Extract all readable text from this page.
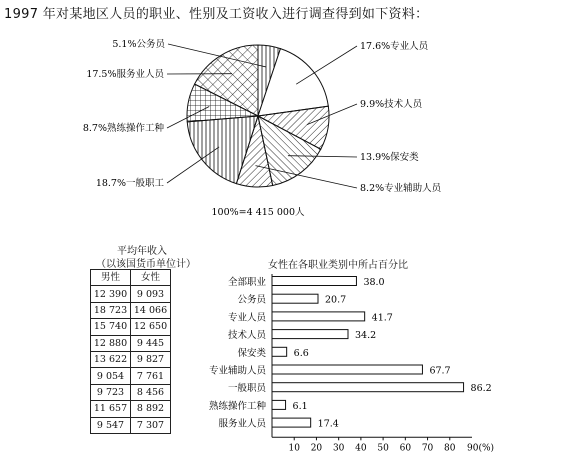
1997 年对某地区人员的职业、性别及工资收入进行调查得到如下资料：
5.1%公务员	17.6%专业人员
9.9%技术人员
13.9%保安类
8.2%专业辅助人员
18.7%一般职工
8.7%熟练操作工种
17.5%服务业人员
100%=4 415 000人
全部职业	38.0
公务员	20.7
专业人员	41.7
技术人员	34.2
保安类	6.6
专业辅助人员	67.7
一般职员	86.2
熟练操作工种	6.1
服务业人员	17.4
10 20 30 40 50 60 70 80 90(%)
平均年收入
（以该国货币单位计）
男性	女性
12 390	9 093
18 723	14 066
15 740	12 650
12 880	9 445
13 622	9 827
9 054	7 761
9 723	8 456
11 657	8 892
9 547	7 307
女性在各职业类别中所占百分比
